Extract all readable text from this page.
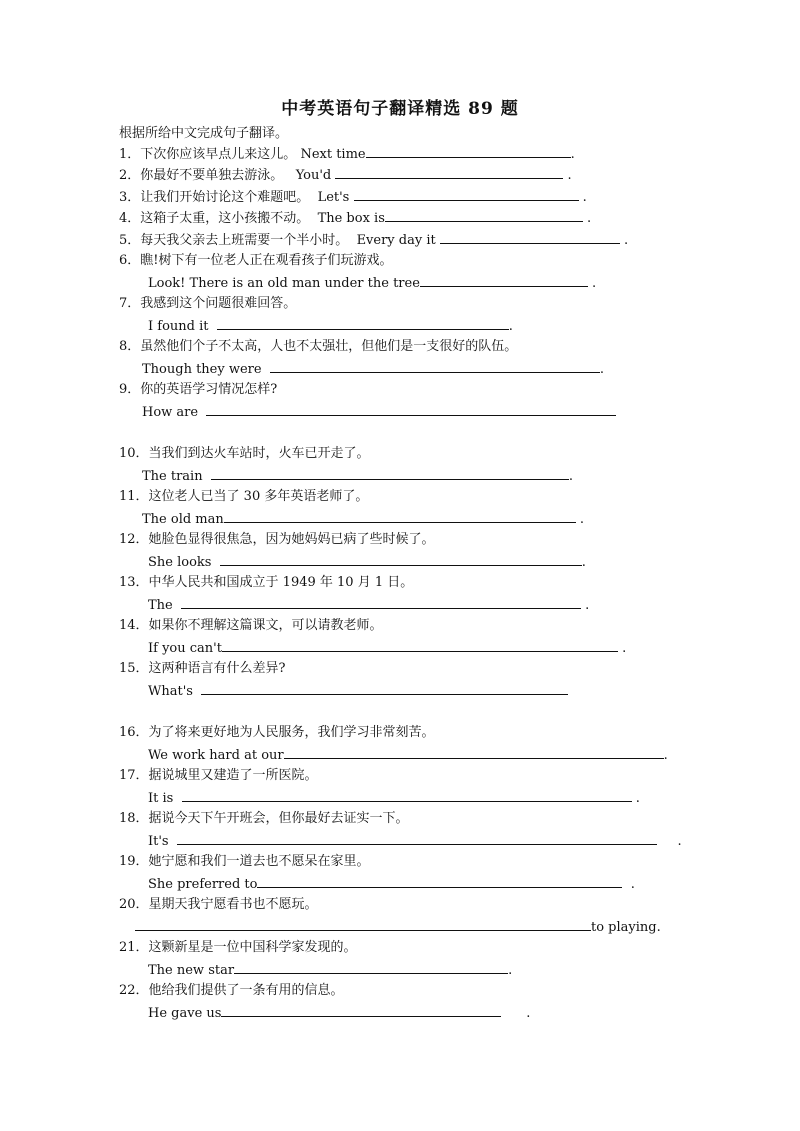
中考英语句子翻译精选 89 题
根据所给中文完成句子翻译。
1．下次你应该早点儿来这儿。 Next time	.
2．你最好不要单独去游泳。 You'd	.
3．让我们开始讨论这个难题吧。 Let's	.
4．这箱子太重，这小孩搬不动。 The box is	.
5．每天我父亲去上班需要一个半小时。 Every day it	.
6．瞧!树下有一位老人正在观看孩子们玩游戏。
Look! There is an old man under the tree	.
7．我感到这个问题很难回答。
I found it	.
8．虽然他们个子不太高，人也不太强壮，但他们是一支很好的队伍。
Though they were	.
9．你的英语学习情况怎样?
How are
10．当我们到达火车站时，火车已开走了。
The train	.
11．这位老人已当了 30 多年英语老师了。
The old man	.
12．她脸色显得很焦急，因为她妈妈已病了些时候了。
She looks	.
13．中华人民共和国成立于 1949 年 10 月 1 日。
The	.
14．如果你不理解这篇课文，可以请教老师。
If you can't	.
15．这两种语言有什么差异?
What's
16．为了将来更好地为人民服务，我们学习非常刻苦。
We work hard at our	.
17．据说城里又建造了一所医院。
It is	.
18．据说今天下午开班会，但你最好去证实一下。
It's	.
19．她宁愿和我们一道去也不愿呆在家里。
She preferred to	.
20．星期天我宁愿看书也不愿玩。
to playing.
21．这颗新星是一位中国科学家发现的。
The new star	.
22．他给我们提供了一条有用的信息。
He gave us	.
